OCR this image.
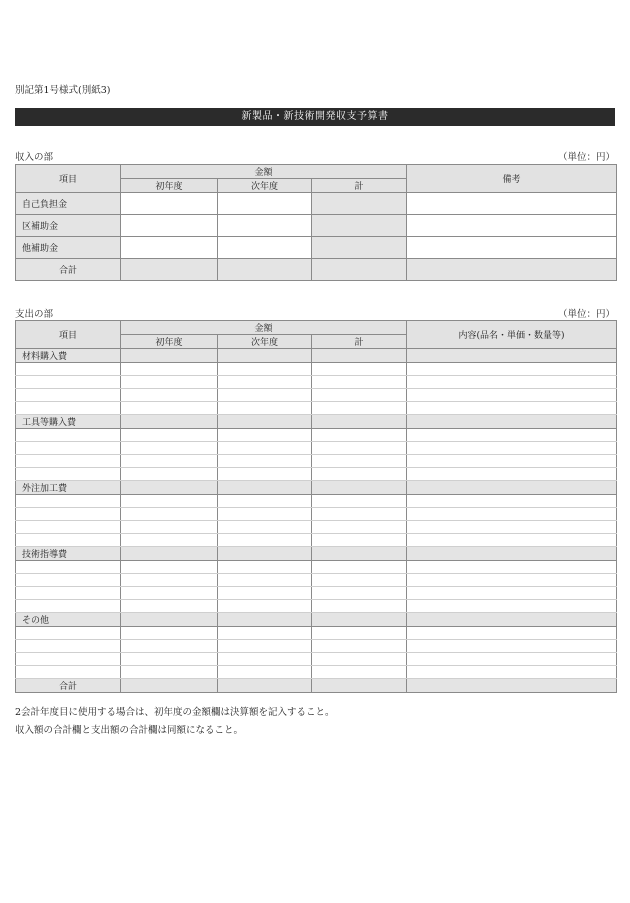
別記第1号様式(別紙3)
新製品・新技術開発収支予算書
収入の部	（単位：円）
項目	金額			備考
	初年度	次年度	計	
自己負担金				
区補助金				
他補助金				
合計				
支出の部	（単位：円）
項目	金額			内容(品名・単価・数量等)
	初年度	次年度	計	
材料購入費				

工具等購入費				

外注加工費				

技術指導費				

その他				

合計				
2会計年度目に使用する場合は、初年度の金額欄は決算額を記入すること。
収入額の合計欄と支出額の合計欄は同額になること。
